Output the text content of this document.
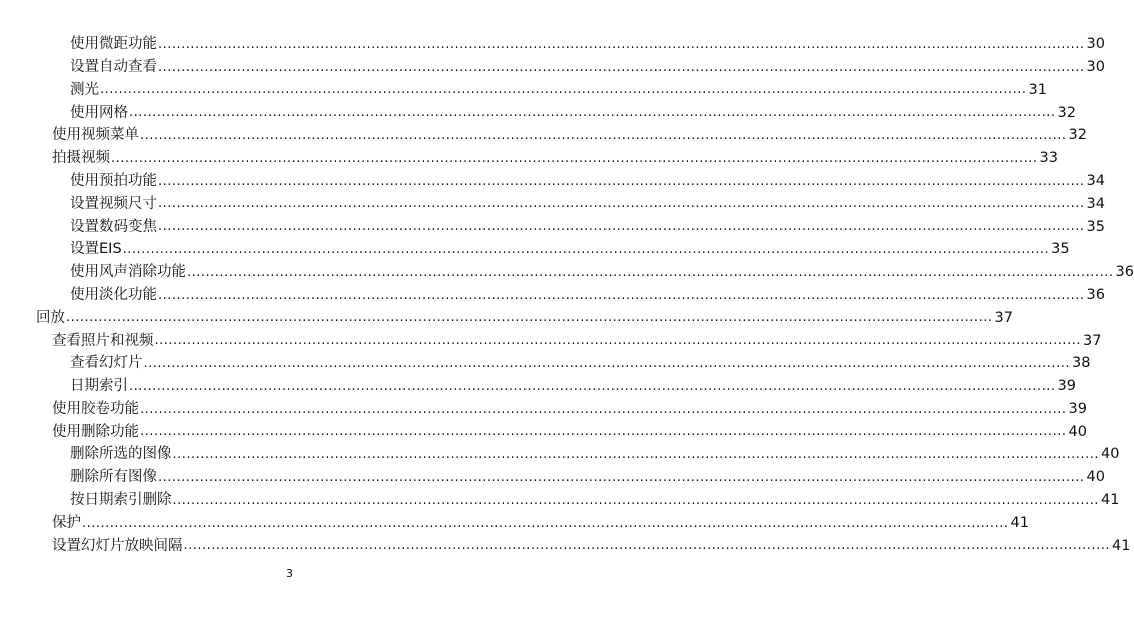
使用微距功能 ........................................................................................................................................................................................................ 30
设置自动查看 ........................................................................................................................................................................................................ 30
测光 ........................................................................................................................................................................................................ 31
使用网格 ........................................................................................................................................................................................................ 32
使用视频菜单 ........................................................................................................................................................................................................ 32
拍摄视频 ........................................................................................................................................................................................................ 33
使用预拍功能 ........................................................................................................................................................................................................ 34
设置视频尺寸 ........................................................................................................................................................................................................ 34
设置数码变焦 ........................................................................................................................................................................................................ 35
设置EIS ........................................................................................................................................................................................................ 35
使用风声消除功能 ........................................................................................................................................................................................................ 36
使用淡化功能 ........................................................................................................................................................................................................ 36
回放 ........................................................................................................................................................................................................ 37
查看照片和视频 ........................................................................................................................................................................................................ 37
查看幻灯片 ........................................................................................................................................................................................................ 38
日期索引 ........................................................................................................................................................................................................ 39
使用胶卷功能 ........................................................................................................................................................................................................ 39
使用删除功能 ........................................................................................................................................................................................................ 40
删除所选的图像 ........................................................................................................................................................................................................ 40
删除所有图像 ........................................................................................................................................................................................................ 40
按日期索引删除 ........................................................................................................................................................................................................ 41
保护 ........................................................................................................................................................................................................ 41
设置幻灯片放映间隔 ........................................................................................................................................................................................................ 41
3
